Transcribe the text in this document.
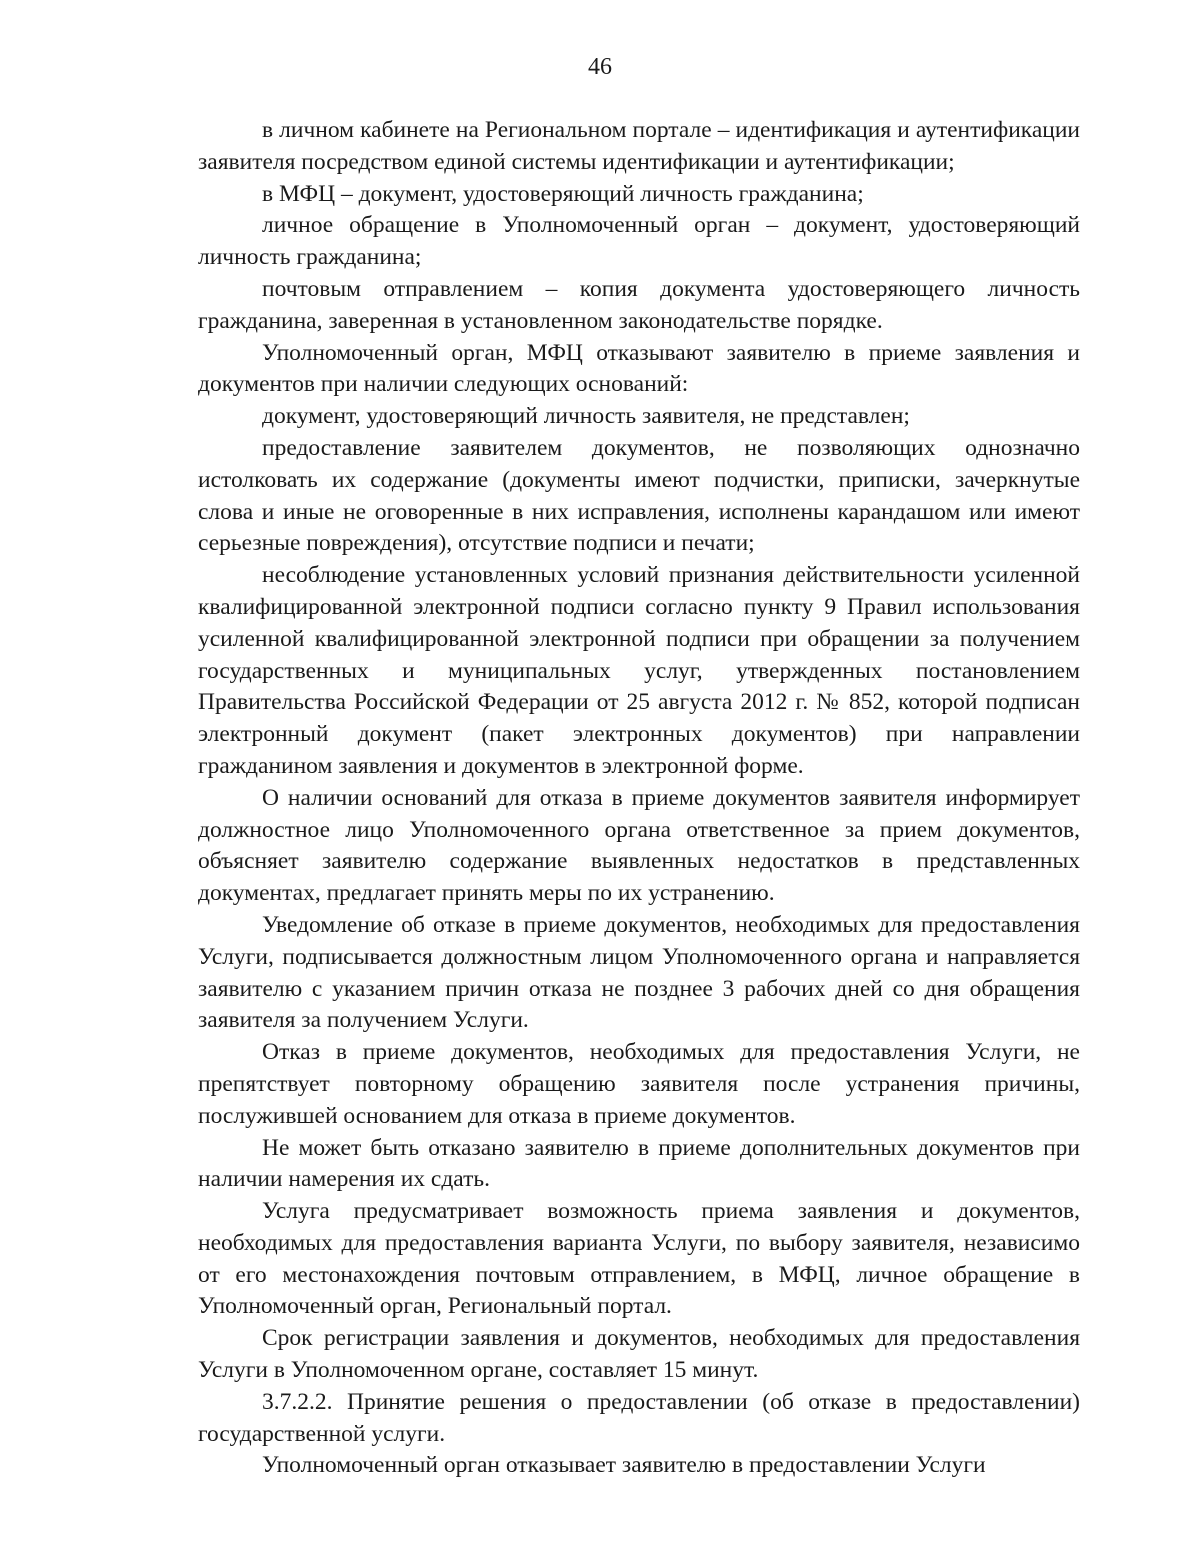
46

в личном кабинете на Региональном портале – идентификация и аутентификации заявителя посредством единой системы идентификации и аутентификации;

в МФЦ – документ, удостоверяющий личность гражданина;

личное обращение в Уполномоченный орган – документ, удостоверяющий личность гражданина;

почтовым отправлением – копия документа удостоверяющего личность гражданина, заверенная в установленном законодательстве порядке.

Уполномоченный орган, МФЦ отказывают заявителю в приеме заявления и документов при наличии следующих оснований:

документ, удостоверяющий личность заявителя, не представлен;

предоставление заявителем документов, не позволяющих однозначно истолковать их содержание (документы имеют подчистки, приписки, зачеркнутые слова и иные не оговоренные в них исправления, исполнены карандашом или имеют серьезные повреждения), отсутствие подписи и печати;

несоблюдение установленных условий признания действительности усиленной квалифицированной электронной подписи согласно пункту 9 Правил использования усиленной квалифицированной электронной подписи при обращении за получением государственных и муниципальных услуг, утвержденных постановлением Правительства Российской Федерации от 25 августа 2012 г. № 852, которой подписан электронный документ (пакет электронных документов) при направлении гражданином заявления и документов в электронной форме.

О наличии оснований для отказа в приеме документов заявителя информирует должностное лицо Уполномоченного органа ответственное за прием документов, объясняет заявителю содержание выявленных недостатков в представленных документах, предлагает принять меры по их устранению.

Уведомление об отказе в приеме документов, необходимых для предоставления Услуги, подписывается должностным лицом Уполномоченного органа и направляется заявителю с указанием причин отказа не позднее 3 рабочих дней со дня обращения заявителя за получением Услуги.

Отказ в приеме документов, необходимых для предоставления Услуги, не препятствует повторному обращению заявителя после устранения причины, послужившей основанием для отказа в приеме документов.

Не может быть отказано заявителю в приеме дополнительных документов при наличии намерения их сдать.

Услуга предусматривает возможность приема заявления и документов, необходимых для предоставления варианта Услуги, по выбору заявителя, независимо от его местонахождения почтовым отправлением, в МФЦ, личное обращение в Уполномоченный орган, Региональный портал.

Срок регистрации заявления и документов, необходимых для предоставления Услуги в Уполномоченном органе, составляет 15 минут.

3.7.2.2. Принятие решения о предоставлении (об отказе в предоставлении) государственной услуги.

Уполномоченный орган отказывает заявителю в предоставлении Услуги
